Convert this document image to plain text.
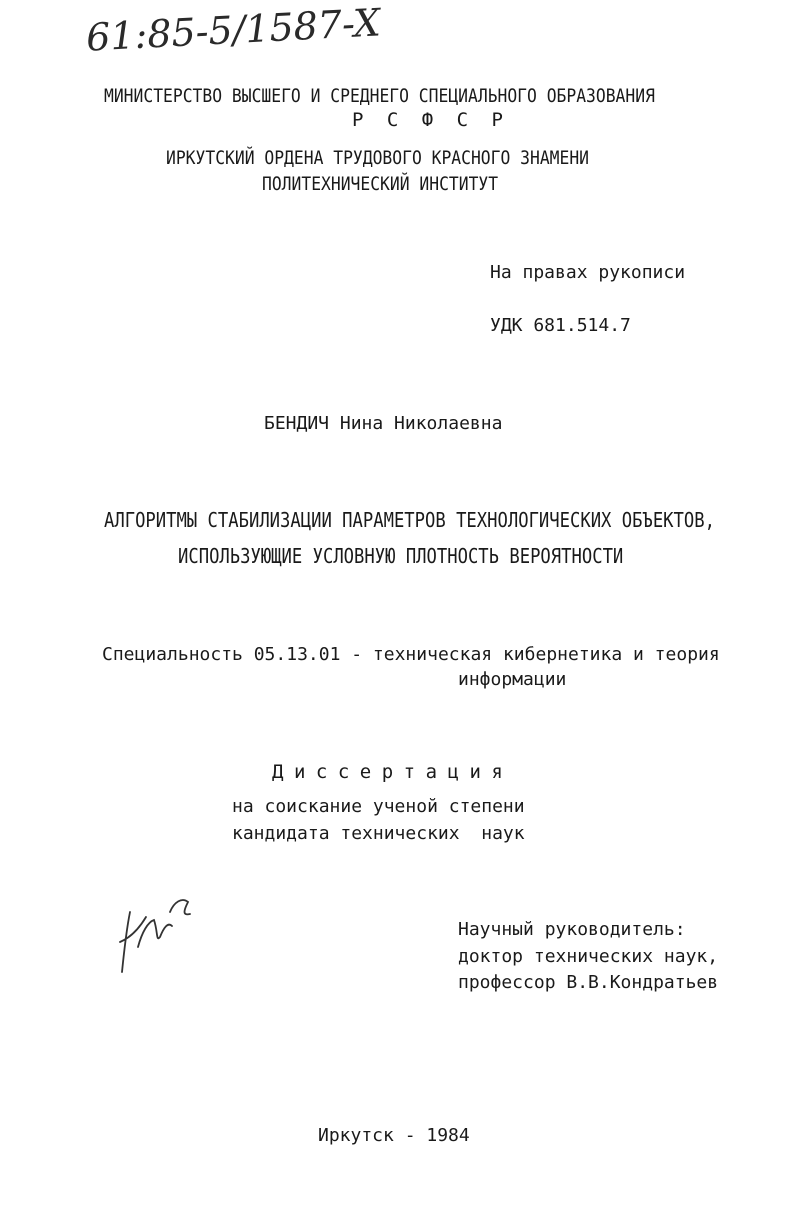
61:85-5/1587-X
МИНИСТЕРСТВО ВЫСШЕГО И СРЕДНЕГО СПЕЦИАЛЬНОГО ОБРАЗОВАНИЯ
Р С Ф С Р
ИРКУТСКИЙ ОРДЕНА ТРУДОВОГО КРАСНОГО ЗНАМЕНИ
ПОЛИТЕХНИЧЕСКИЙ ИНСТИТУТ
На правах рукописи
УДК 681.514.7
БЕНДИЧ Нина Николаевна
АЛГОРИТМЫ СТАБИЛИЗАЦИИ ПАРАМЕТРОВ ТЕХНОЛОГИЧЕСКИХ ОБЪЕКТОВ,
ИСПОЛЬЗУЮЩИЕ УСЛОВНУЮ ПЛОТНОСТЬ ВЕРОЯТНОСТИ
Специальность 05.13.01 - техническая кибернетика и теория
информации
Диссертация
на соискание ученой степени
кандидата технических  наук
Научный руководитель:
доктор технических наук,
профессор В.В.Кондратьев
Иркутск - 1984
